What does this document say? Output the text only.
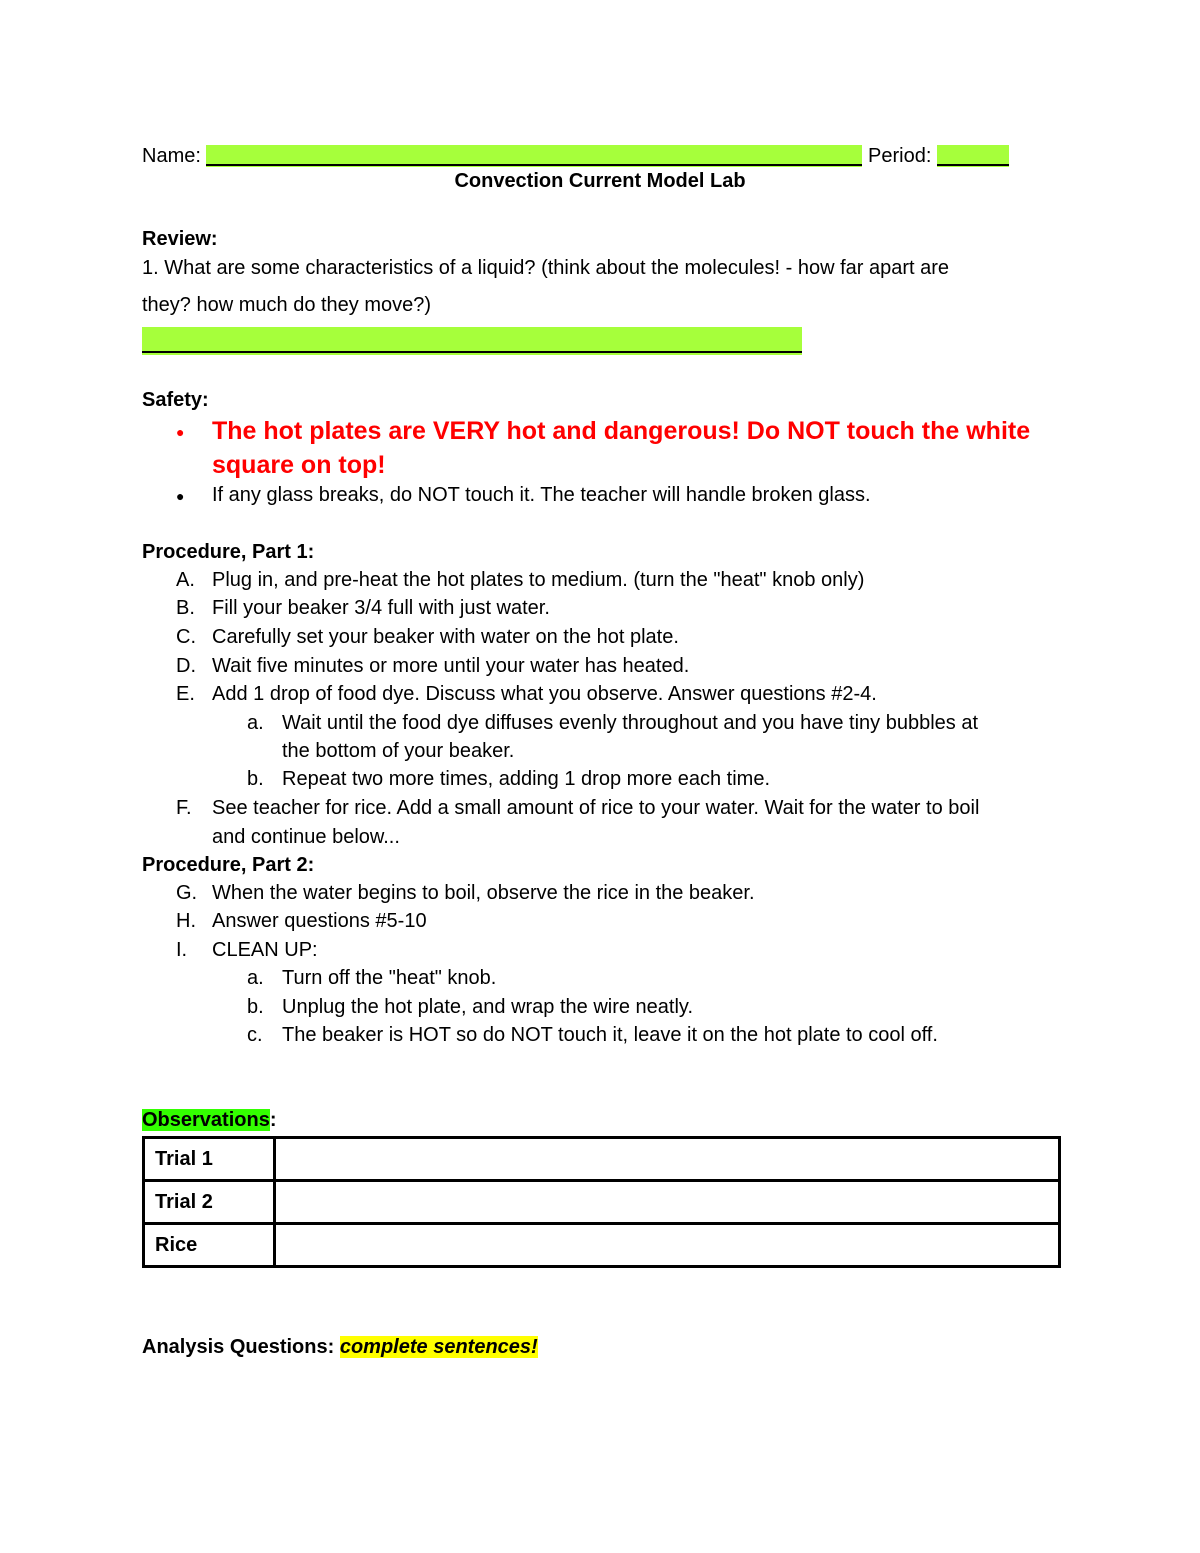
Name:	Period:
Convection Current Model Lab
Review:
1. What are some characteristics of a liquid? (think about the molecules! - how far apart are
they? how much do they move?)
Safety:
● The hot plates are VERY hot and dangerous! Do NOT touch the white square on top!
● If any glass breaks, do NOT touch it. The teacher will handle broken glass.
Procedure, Part 1:
A. Plug in, and pre-heat the hot plates to medium. (turn the "heat" knob only)
B. Fill your beaker 3/4 full with just water.
C. Carefully set your beaker with water on the hot plate.
D. Wait five minutes or more until your water has heated.
E. Add 1 drop of food dye. Discuss what you observe. Answer questions #2-4.
a. Wait until the food dye diffuses evenly throughout and you have tiny bubbles at
the bottom of your beaker.
b. Repeat two more times, adding 1 drop more each time.
F. See teacher for rice. Add a small amount of rice to your water. Wait for the water to boil
and continue below...
Procedure, Part 2:
G. When the water begins to boil, observe the rice in the beaker.
H. Answer questions #5-10
I. CLEAN UP:
a. Turn off the "heat" knob.
b. Unplug the hot plate, and wrap the wire neatly.
c. The beaker is HOT so do NOT touch it, leave it on the hot plate to cool off.
Observations:
Trial 1	
Trial 2	
Rice	
Analysis Questions: complete sentences!
